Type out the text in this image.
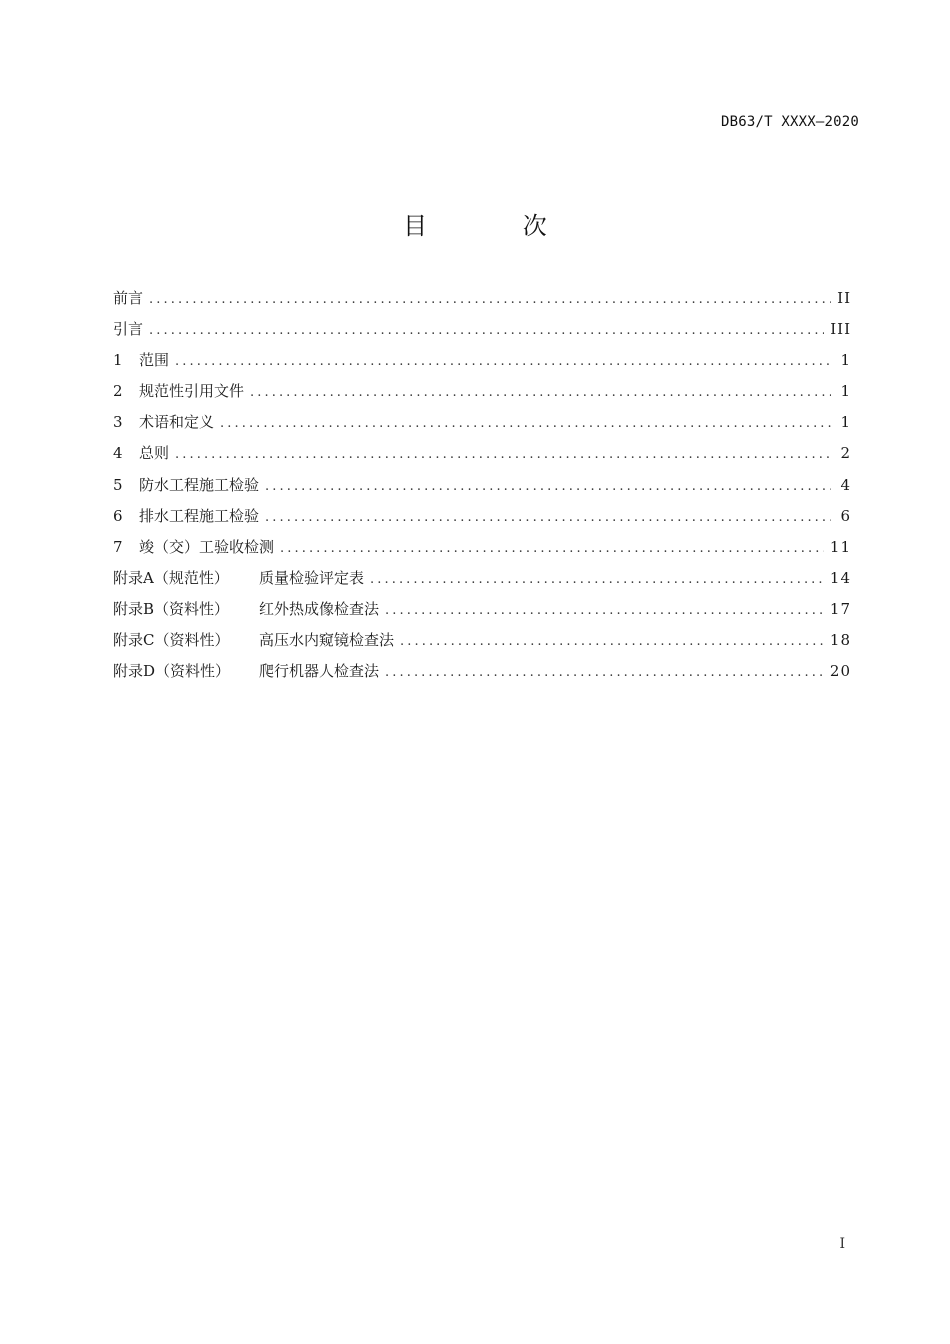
DB63/T XXXX—2020
目 次
前言 .....	II
引言 .....	III
1	范围 .....	1
2	规范性引用文件 .....	1
3	术语和定义 .....	1
4	总则 .....	2
5	防水工程施工检验 .....	4
6	排水工程施工检验 .....	6
7	竣（交）工验收检测 .....	11
附录A（规范性）	质量检验评定表 .....	14
附录B（资料性）	红外热成像检查法 .....	17
附录C（资料性）	高压水内窥镜检查法 .....	18
附录D（资料性）	爬行机器人检查法 .....	20
I
